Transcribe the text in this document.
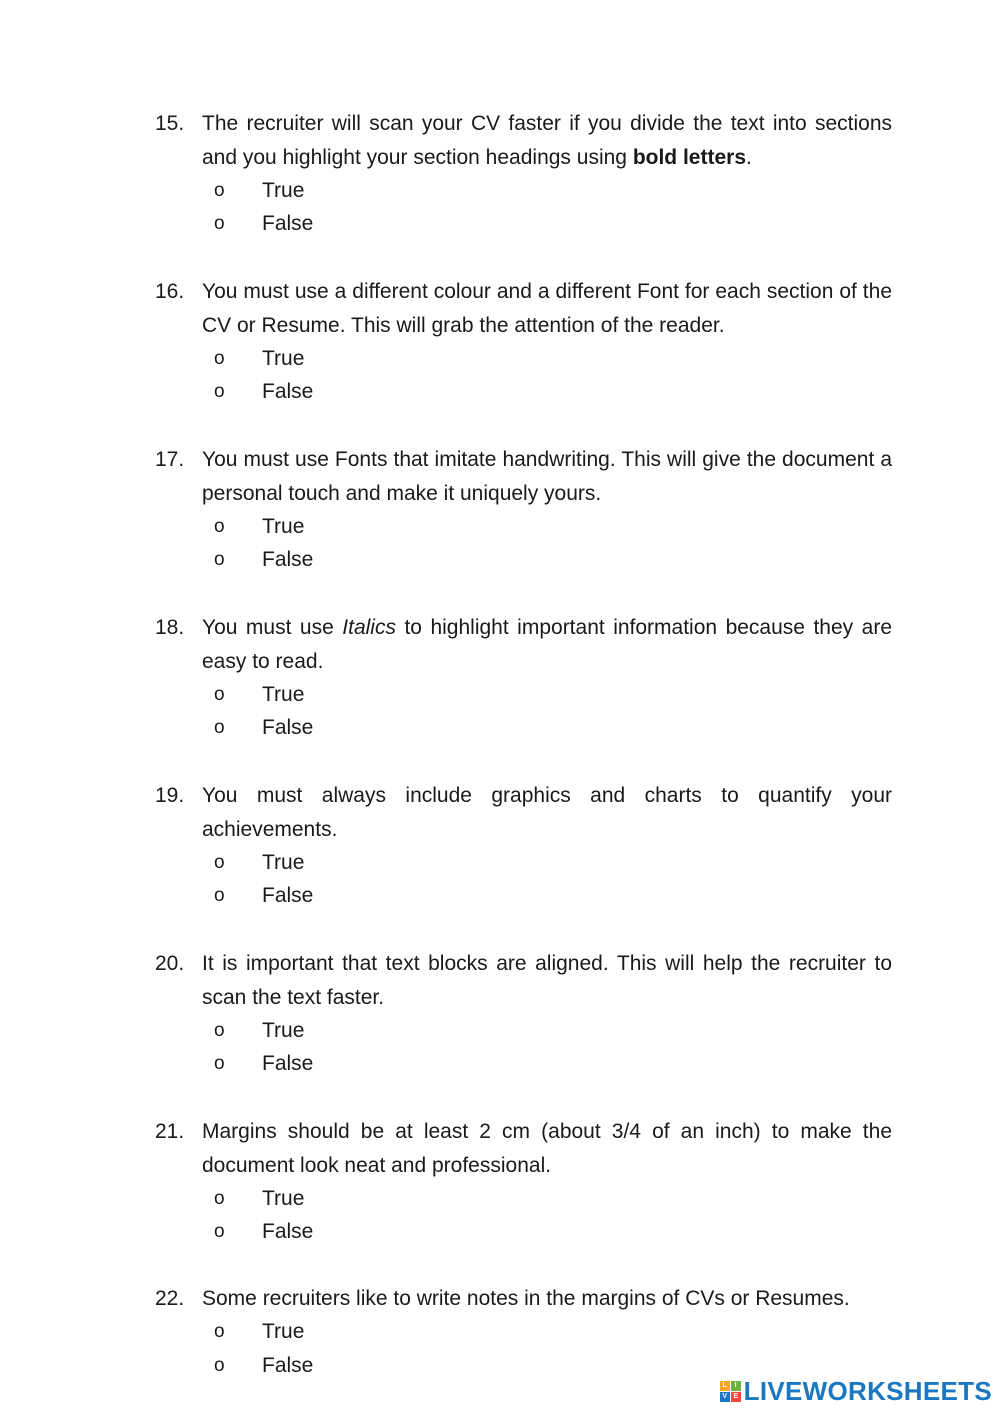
15. The recruiter will scan your CV faster if you divide the text into sections and you highlight your section headings using bold letters.
o	True
o	False
16. You must use a different colour and a different Font for each section of the CV or Resume. This will grab the attention of the reader.
o	True
o	False
17. You must use Fonts that imitate handwriting. This will give the document a personal touch and make it uniquely yours.
o	True
o	False
18. You must use Italics to highlight important information because they are easy to read.
o	True
o	False
19. You must always include graphics and charts to quantify your achievements.
o	True
o	False
20. It is important that text blocks are aligned. This will help the recruiter to scan the text faster.
o	True
o	False
21. Margins should be at least 2 cm (about 3/4 of an inch) to make the document look neat and professional.
o	True
o	False
22. Some recruiters like to write notes in the margins of CVs or Resumes.
o	True
o	False
L	I
V E LIVEWORKSHEETS
